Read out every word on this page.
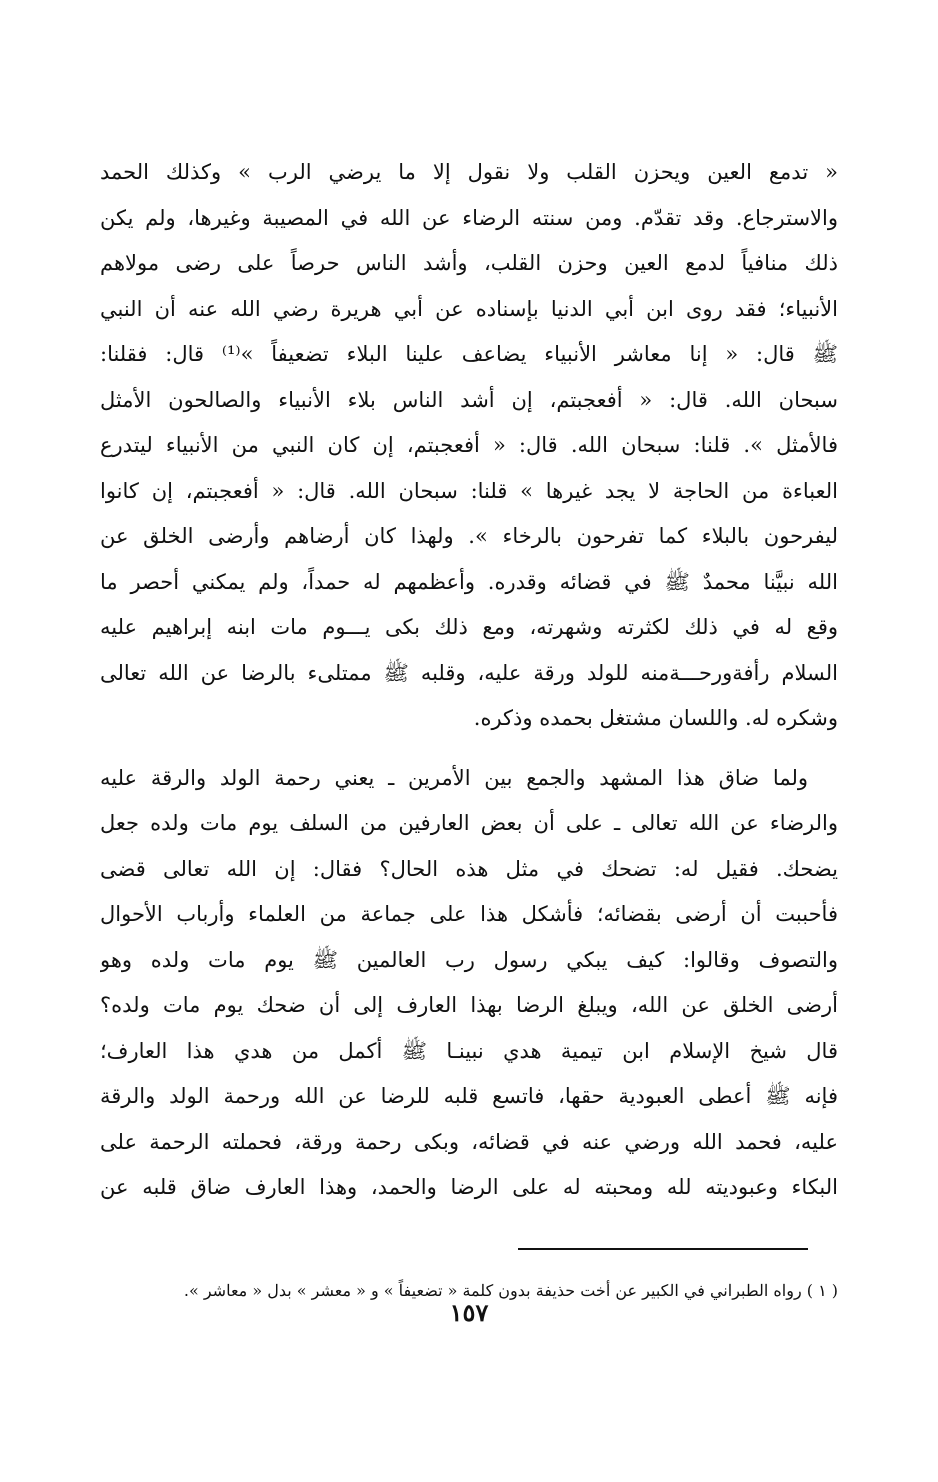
« تدمع العين ويحزن القلب ولا نقول إلا ما يرضي الرب » وكذلك الحمد

والاسترجاع. وقد تقدّم. ومن سنته الرضاء عن الله في المصيبة وغيرها، ولم يكن

ذلك منافياً لدمع العين وحزن القلب، وأشد الناس حرصاً على رضى مولاهم

الأنبياء؛ فقد روى ابن أبي الدنيا بإسناده عن أبي هريرة رضي الله عنه أن النبي

ﷺ قال: « إنا معاشر الأنبياء يضاعف علينا البلاء تضعيفاً »⁽¹⁾ قال: فقلنا:

سبحان الله. قال: « أفعجبتم، إن أشد الناس بلاء الأنبياء والصالحون الأمثل

فالأمثل ». قلنا: سبحان الله. قال: « أفعجبتم، إن كان النبي من الأنبياء ليتدرع

العباءة من الحاجة لا يجد غيرها » قلنا: سبحان الله. قال: « أفعجبتم، إن كانوا

ليفرحون بالبلاء كما تفرحون بالرخاء ». ولهذا كان أرضاهم وأرضى الخلق عن

الله نبيَّنا محمدٌ ﷺ في قضائه وقدره. وأعظمهم له حمداً، ولم يمكني أحصر ما

وقع له في ذلك لكثرته وشهرته، ومع ذلك بكى يـــوم مات ابنه إبراهيم عليه

السلام رأفةورحـــةمنه للولد ورقة عليه، وقلبه ﷺ ممتلىء بالرضا عن الله تعالى

وشكره له. واللسان مشتغل بحمده وذكره.

ولما ضاق هذا المشهد والجمع بين الأمرين ـ يعني رحمة الولد والرقة عليه

والرضاء عن الله تعالى ـ على أن بعض العارفين من السلف يوم مات ولده جعل

يضحك. فقيل له: تضحك في مثل هذه الحال؟ فقال: إن الله تعالى قضى

فأحببت أن أرضى بقضائه؛ فأشكل هذا على جماعة من العلماء وأرباب الأحوال

والتصوف وقالوا: كيف يبكي رسول رب العالمين ﷺ يوم مات ولده وهو

أرضى الخلق عن الله، ويبلغ الرضا بهذا العارف إلى أن ضحك يوم مات ولده؟

قال شيخ الإسلام ابن تيمية هدي نبينـا ﷺ أكمل من هدي هذا العارف؛

فإنه ﷺ أعطى العبودية حقها، فاتسع قلبه للرضا عن الله ورحمة الولد والرقة

عليه، فحمد الله ورضي عنه في قضائه، وبكى رحمة ورقة، فحملته الرحمة على

البكاء وعبوديته لله ومحبته له على الرضا والحمد، وهذا العارف ضاق قلبه عن

( ١ ) رواه الطبراني في الكبير عن أخت حذيفة بدون كلمة « تضعيفاً » و « معشر » بدل « معاشر ».

١٥٧
